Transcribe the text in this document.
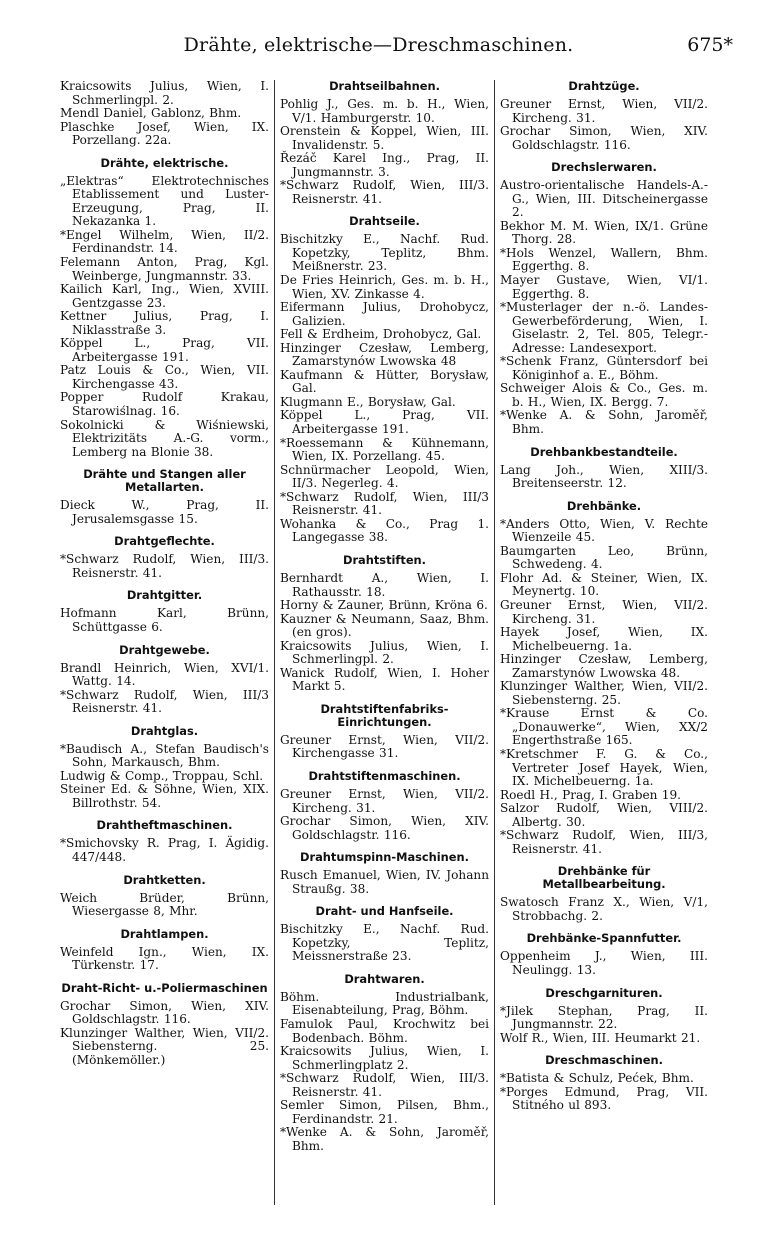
Drähte, elektrische—Dreschmaschinen.	675*

Kraicsowits Julius, Wien, I. Schmerlingpl. 2.

Mendl Daniel, Gablonz, Bhm.

Plaschke Josef, Wien, IX. Porzellang. 22a.

Drähte, elektrische.

„Elektras“ Elektrotechnisches Etablissement und Luster-Erzeugung, Prag, II. Nekazanka 1.

*Engel Wilhelm, Wien, II/2. Ferdinandstr. 14.

Felemann Anton, Prag, Kgl. Weinberge, Jungmannstr. 33.

Kailich Karl, Ing., Wien, XVIII. Gentzgasse 23.

Kettner Julius, Prag, I. Niklasstraße 3.

Köppel L., Prag, VII. Arbeitergasse 191.

Patz Louis & Co., Wien, VII. Kirchengasse 43.

Popper Rudolf Krakau, Starowiślnag. 16.

Sokolnicki & Wiśniewski, Elektrizitäts A.-G. vorm., Lemberg na Blonie 38.

Drähte und Stangen aller Metallarten.

Dieck W., Prag, II. Jerusalemsgasse 15.

Drahtgeflechte.

*Schwarz Rudolf, Wien, III/3. Reisnerstr. 41.

Drahtgitter.

Hofmann Karl, Brünn, Schüttgasse 6.

Drahtgewebe.

Brandl Heinrich, Wien, XVI/1. Wattg. 14.

*Schwarz Rudolf, Wien, III/3 Reisnerstr. 41.

Drahtglas.

*Baudisch A., Stefan Baudisch's Sohn, Markausch, Bhm.

Ludwig & Comp., Troppau, Schl.

Steiner Ed. & Söhne, Wien, XIX. Billrothstr. 54.

Drahtheftmaschinen.

*Smichovsky R. Prag, I. Ägidig. 447/448.

Drahtketten.

Weich Brüder, Brünn, Wiesergasse 8, Mhr.

Drahtlampen.

Weinfeld Ign., Wien, IX. Türkenstr. 17.

Draht-Richt- u.-Poliermaschinen

Grochar Simon, Wien, XIV. Goldschlagstr. 116.

Klunzinger Walther, Wien, VII/2. Siebensterng. 25. (Mönkemöller.)

Drahtseilbahnen.

Pohlig J., Ges. m. b. H., Wien, V/1. Hamburgerstr. 10.

Orenstein & Koppel, Wien, III. Invalidenstr. 5.

Řezáč Karel Ing., Prag, II. Jungmannstr. 3.

*Schwarz Rudolf, Wien, III/3. Reisnerstr. 41.

Drahtseile.

Bischitzky E., Nachf. Rud. Kopetzky, Teplitz, Bhm. Meißnerstr. 23.

De Fries Heinrich, Ges. m. b. H., Wien, XV. Zinkasse 4.

Eifermann Julius, Drohobycz, Galizien.

Fell & Erdheim, Drohobycz, Gal.

Hinzinger Czesław, Lemberg, Zamarstynów Lwowska 48

Kaufmann & Hütter, Borysław, Gal.

Klugmann E., Borysław, Gal.

Köppel L., Prag, VII. Arbeitergasse 191.

*Roessemann & Kühnemann, Wien, IX. Porzellang. 45.

Schnürmacher Leopold, Wien, II/3. Negerleg. 4.

*Schwarz Rudolf, Wien, III/3 Reisnerstr. 41.

Wohanka & Co., Prag 1. Langegasse 38.

Drahtstiften.

Bernhardt A., Wien, I. Rathausstr. 18.

Horny & Zauner, Brünn, Kröna 6.

Kauzner & Neumann, Saaz, Bhm. (en gros).

Kraicsowits Julius, Wien, I. Schmerlingpl. 2.

Wanick Rudolf, Wien, I. Hoher Markt 5.

Drahtstiftenfabriks-Einrichtungen.

Greuner Ernst, Wien, VII/2. Kirchengasse 31.

Drahtstiftenmaschinen.

Greuner Ernst, Wien, VII/2. Kircheng. 31.

Grochar Simon, Wien, XIV. Goldschlagstr. 116.

Drahtumspinn-Maschinen.

Rusch Emanuel, Wien, IV. Johann Straußg. 38.

Draht- und Hanfseile.

Bischitzky E., Nachf. Rud. Kopetzky, Teplitz, Meissnerstraße 23.

Drahtwaren.

Böhm. Industrialbank, Eisenabteilung, Prag, Böhm.

Famulok Paul, Krochwitz bei Bodenbach. Böhm.

Kraicsowits Julius, Wien, I. Schmerlingplatz 2.

*Schwarz Rudolf, Wien, III/3. Reisnerstr. 41.

Semler Simon, Pilsen, Bhm., Ferdinandstr. 21.

*Wenke A. & Sohn, Jaroměř, Bhm.

Drahtzüge.

Greuner Ernst, Wien, VII/2. Kircheng. 31.

Grochar Simon, Wien, XIV. Goldschlagstr. 116.

Drechslerwaren.

Austro-orientalische Handels-A.-G., Wien, III. Ditscheinergasse 2.

Bekhor M. M. Wien, IX/1. Grüne Thorg. 28.

*Hols Wenzel, Wallern, Bhm. Eggerthg. 8.

Mayer Gustave, Wien, VI/1. Eggerthg. 8.

*Musterlager der n.-ö. Landes-Gewerbeförderung, Wien, I. Giselastr. 2, Tel. 805, Telegr.-Adresse: Landesexport.

*Schenk Franz, Güntersdorf bei Königinhof a. E., Böhm.

Schweiger Alois & Co., Ges. m. b. H., Wien, IX. Bergg. 7.

*Wenke A. & Sohn, Jaroměř, Bhm.

Drehbankbestandteile.

Lang Joh., Wien, XIII/3. Breitenseerstr. 12.

Drehbänke.

*Anders Otto, Wien, V. Rechte Wienzeile 45.

Baumgarten Leo, Brünn, Schwedeng. 4.

Flohr Ad. & Steiner, Wien, IX. Meynertg. 10.

Greuner Ernst, Wien, VII/2. Kircheng. 31.

Hayek Josef, Wien, IX. Michelbeuerng. 1a.

Hinzinger Czesław, Lemberg, Zamarstynów Lwowska 48.

Klunzinger Walther, Wien, VII/2. Siebensterng. 25.

*Krause Ernst & Co. „Donauwerke“, Wien, XX/2 Engerthstraße 165.

*Kretschmer F. G. & Co., Vertreter Josef Hayek, Wien, IX. Michelbeuerng. 1a.

Roedl H., Prag, I. Graben 19.

Salzor Rudolf, Wien, VIII/2. Albertg. 30.

*Schwarz Rudolf, Wien, III/3, Reisnerstr. 41.

Drehbänke für Metallbearbeitung.

Swatosch Franz X., Wien, V/1, Strobbachg. 2.

Drehbänke-Spannfutter.

Oppenheim J., Wien, III. Neulingg. 13.

Dreschgarnituren.

*Jilek Stephan, Prag, II. Jungmannstr. 22.

Wolf R., Wien, III. Heumarkt 21.

Dreschmaschinen.

*Batista & Schulz, Pećek, Bhm.

*Porges Edmund, Prag, VII. Stitného ul 893.
